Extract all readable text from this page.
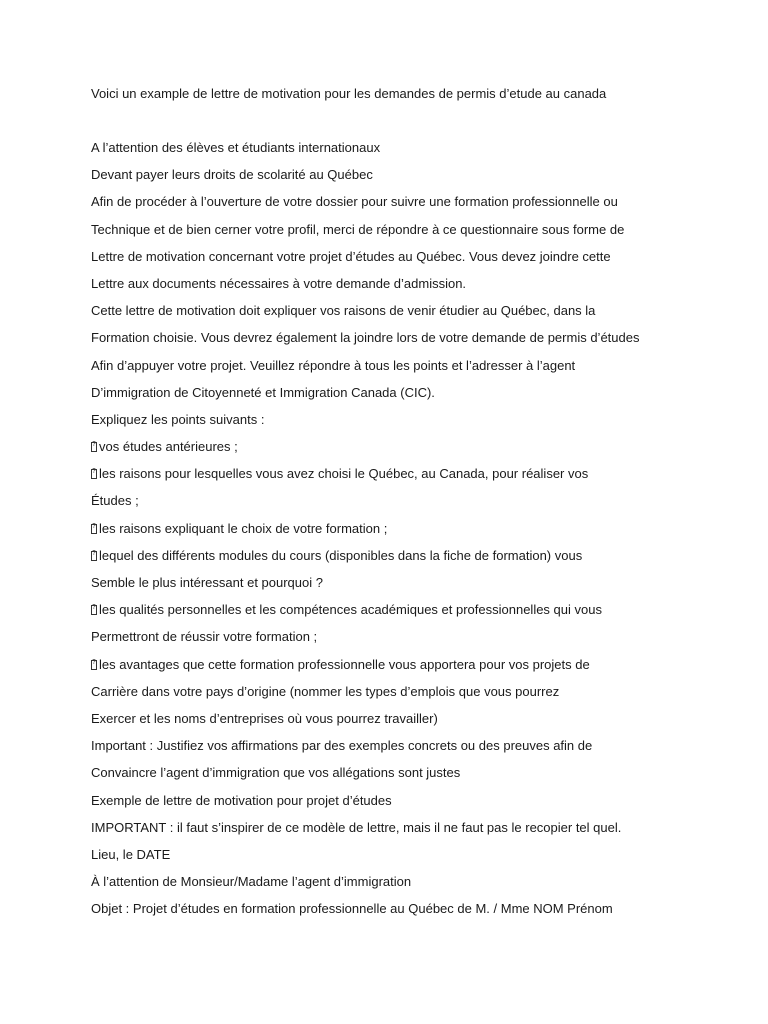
Voici un example de lettre de motivation pour les demandes de permis d’etude au canada
A l’attention des élèves et étudiants internationaux
Devant payer leurs droits de scolarité au Québec
Afin de procéder à l’ouverture de votre dossier pour suivre une formation professionnelle ou
Technique et de bien cerner votre profil, merci de répondre à ce questionnaire sous forme de
Lettre de motivation concernant votre projet d’études au Québec. Vous devez joindre cette
Lettre aux documents nécessaires à votre demande d’admission.
Cette lettre de motivation doit expliquer vos raisons de venir étudier au Québec, dans la
Formation choisie. Vous devrez également la joindre lors de votre demande de permis d’études
Afin d’appuyer votre projet. Veuillez répondre à tous les points et l’adresser à l’agent
D’immigration de Citoyenneté et Immigration Canada (CIC).
Expliquez les points suivants :
?vos études antérieures ;
?les raisons pour lesquelles vous avez choisi le Québec, au Canada, pour réaliser vos
Études ;
?les raisons expliquant le choix de votre formation ;
?lequel des différents modules du cours (disponibles dans la fiche de formation) vous
Semble le plus intéressant et pourquoi ?
?les qualités personnelles et les compétences académiques et professionnelles qui vous
Permettront de réussir votre formation ;
?les avantages que cette formation professionnelle vous apportera pour vos projets de
Carrière dans votre pays d’origine (nommer les types d’emplois que vous pourrez
Exercer et les noms d’entreprises où vous pourrez travailler)
Important : Justifiez vos affirmations par des exemples concrets ou des preuves afin de
Convaincre l’agent d’immigration que vos allégations sont justes
Exemple de lettre de motivation pour projet d’études
IMPORTANT : il faut s’inspirer de ce modèle de lettre, mais il ne faut pas le recopier tel quel.
Lieu, le DATE
À l’attention de Monsieur/Madame l’agent d’immigration
Objet : Projet d’études en formation professionnelle au Québec de M. / Mme NOM Prénom
